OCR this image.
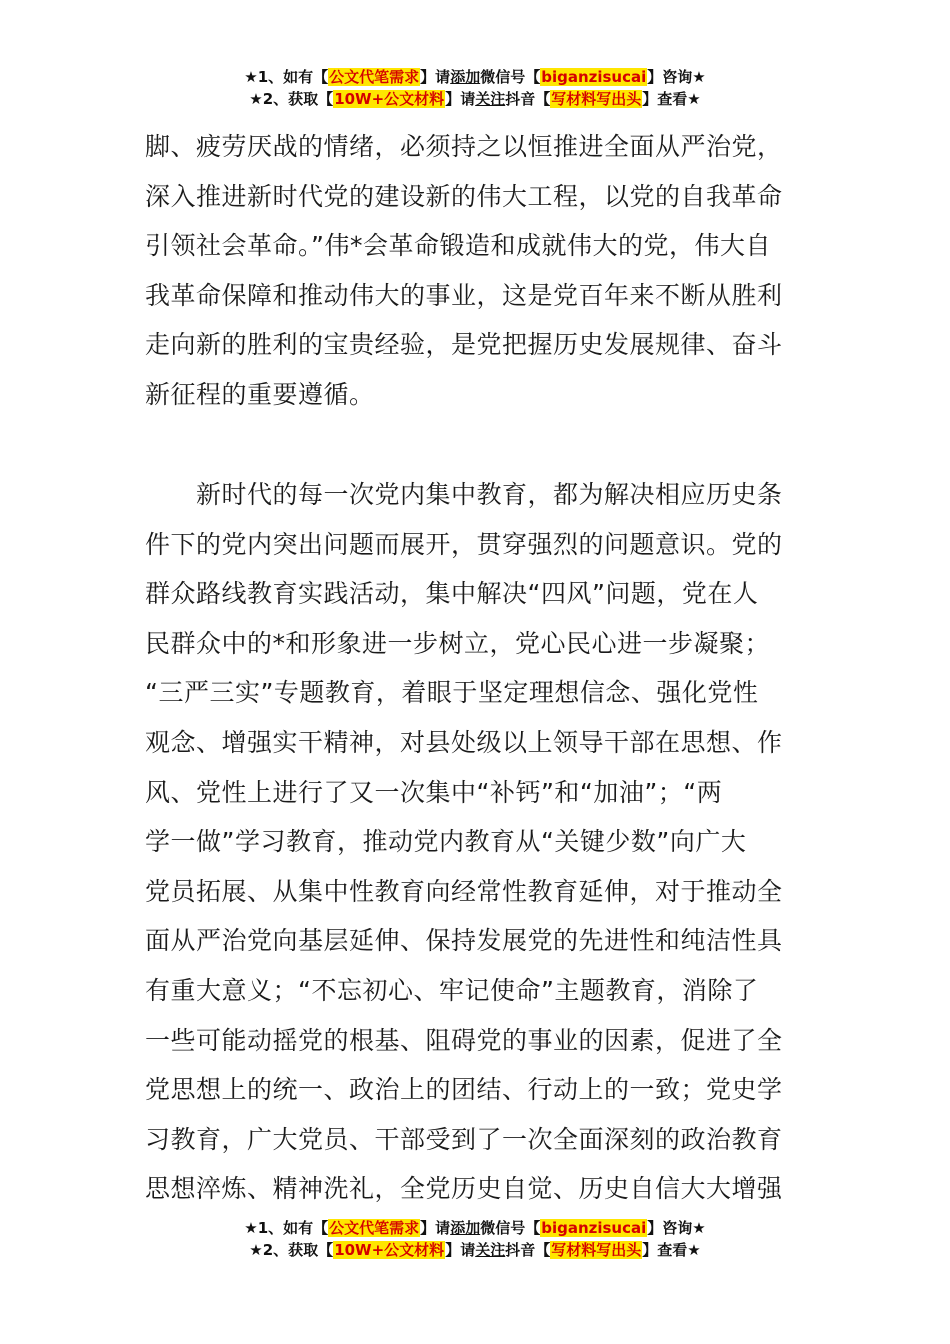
★1、如有【公文代笔需求】请添加微信号【biganzisucai】咨询★
★2、获取【10W+公文材料】请关注抖音【写材料写出头】查看★
脚、疲劳厌战的情绪，必须持之以恒推进全面从严治党，
深入推进新时代党的建设新的伟大工程，以党的自我革命
引领社会革命。”伟*会革命锻造和成就伟大的党，伟大自
我革命保障和推动伟大的事业，这是党百年来不断从胜利
走向新的胜利的宝贵经验，是党把握历史发展规律、奋斗
新征程的重要遵循。
　　新时代的每一次党内集中教育，都为解决相应历史条
件下的党内突出问题而展开，贯穿强烈的问题意识。党的
群众路线教育实践活动，集中解决“四风”问题，党在人
民群众中的*和形象进一步树立，党心民心进一步凝聚；
“三严三实”专题教育，着眼于坚定理想信念、强化党性
观念、增强实干精神，对县处级以上领导干部在思想、作
风、党性上进行了又一次集中“补钙”和“加油”；“两
学一做”学习教育，推动党内教育从“关键少数”向广大
党员拓展、从集中性教育向经常性教育延伸，对于推动全
面从严治党向基层延伸、保持发展党的先进性和纯洁性具
有重大意义；“不忘初心、牢记使命”主题教育，消除了
一些可能动摇党的根基、阻碍党的事业的因素，促进了全
党思想上的统一、政治上的团结、行动上的一致；党史学
习教育，广大党员、干部受到了一次全面深刻的政治教育
思想淬炼、精神洗礼，全党历史自觉、历史自信大大增强
★1、如有【公文代笔需求】请添加微信号【biganzisucai】咨询★
★2、获取【10W+公文材料】请关注抖音【写材料写出头】查看★
